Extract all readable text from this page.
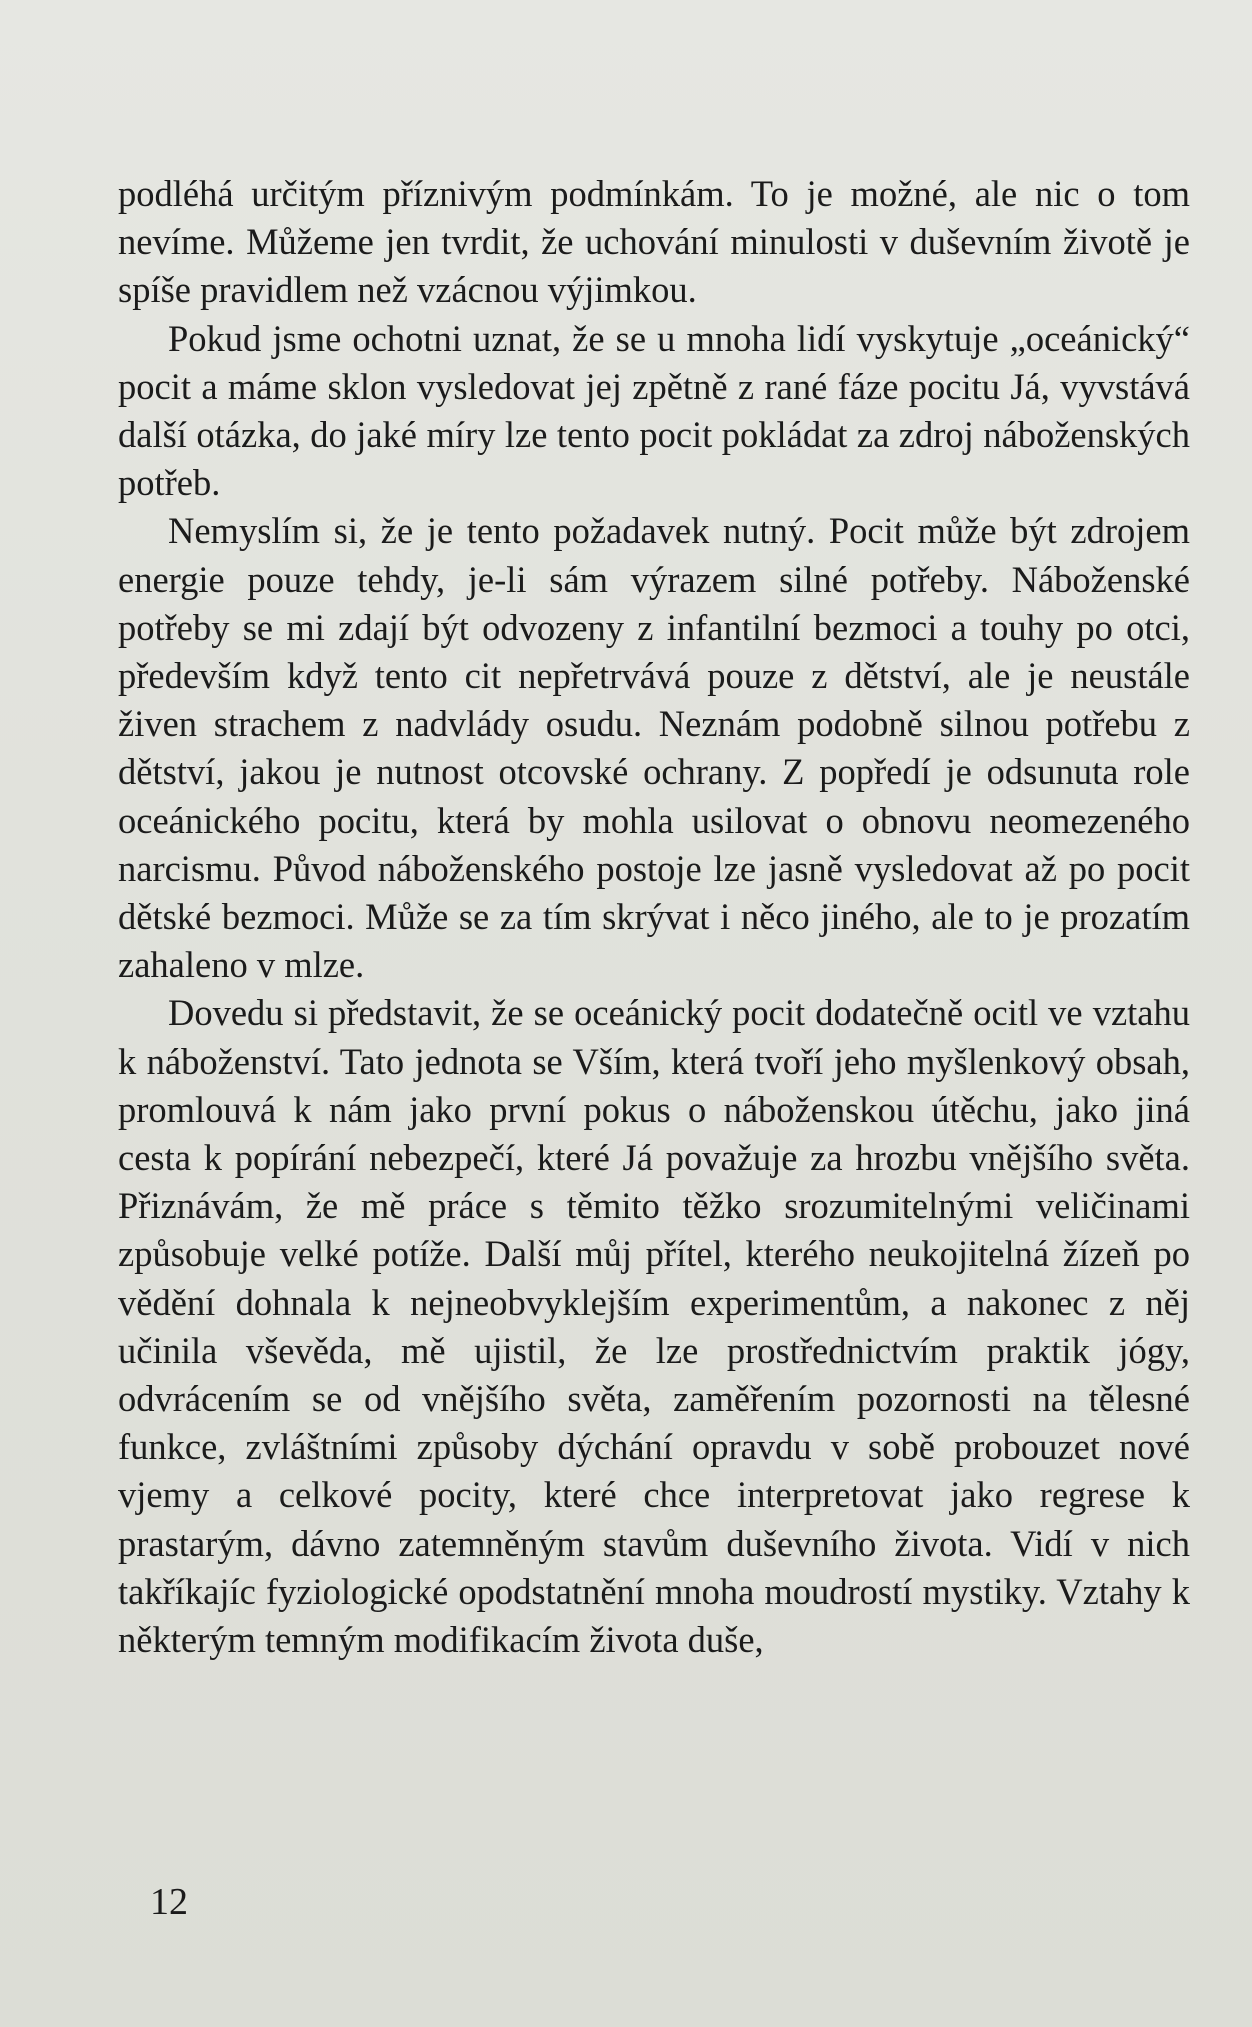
podléhá určitým příznivým podmínkám. To je možné, ale nic o tom nevíme. Můžeme jen tvrdit, že uchování minulosti v duševním životě je spíše pravidlem než vzácnou výjimkou.

Pokud jsme ochotni uznat, že se u mnoha lidí vyskytuje „oceánický“ pocit a máme sklon vysledovat jej zpětně z rané fáze pocitu Já, vyvstává další otázka, do jaké míry lze tento pocit pokládat za zdroj náboženských potřeb.

Nemyslím si, že je tento požadavek nutný. Pocit může být zdrojem energie pouze tehdy, je-li sám výrazem silné potřeby. Náboženské potřeby se mi zdají být odvozeny z infantilní bezmoci a touhy po otci, především když tento cit nepřetrvává pouze z dětství, ale je neustále živen strachem z nadvlády osudu. Neznám podobně silnou potřebu z dětství, jakou je nutnost otcovské ochrany. Z popředí je odsunuta role oceánického pocitu, která by mohla usilovat o obnovu neomezeného narcismu. Původ náboženského postoje lze jasně vysledovat až po pocit dětské bezmoci. Může se za tím skrývat i něco jiného, ale to je prozatím zahaleno v mlze.

Dovedu si představit, že se oceánický pocit dodatečně ocitl ve vztahu k náboženství. Tato jednota se Vším, která tvoří jeho myšlenkový obsah, promlouvá k nám jako první pokus o náboženskou útěchu, jako jiná cesta k popírání nebezpečí, které Já považuje za hrozbu vnějšího světa. Přiznávám, že mě práce s těmito těžko srozumitelnými veličinami způsobuje velké potíže. Další můj přítel, kterého neukojitelná žízeň po vědění dohnala k nejneobvyklejším experimentům, a nakonec z něj učinila vševěda, mě ujistil, že lze prostřednictvím praktik jógy, odvrácením se od vnějšího světa, zaměřením pozornosti na tělesné funkce, zvláštními způsoby dýchání opravdu v sobě probouzet nové vjemy a celkové pocity, které chce interpretovat jako regrese k prastarým, dávno zatemněným stavům duševního života. Vidí v nich takříkajíc fyziologické opodstatnění mnoha moudrostí mystiky. Vztahy k některým temným modifikacím života duše,

12
